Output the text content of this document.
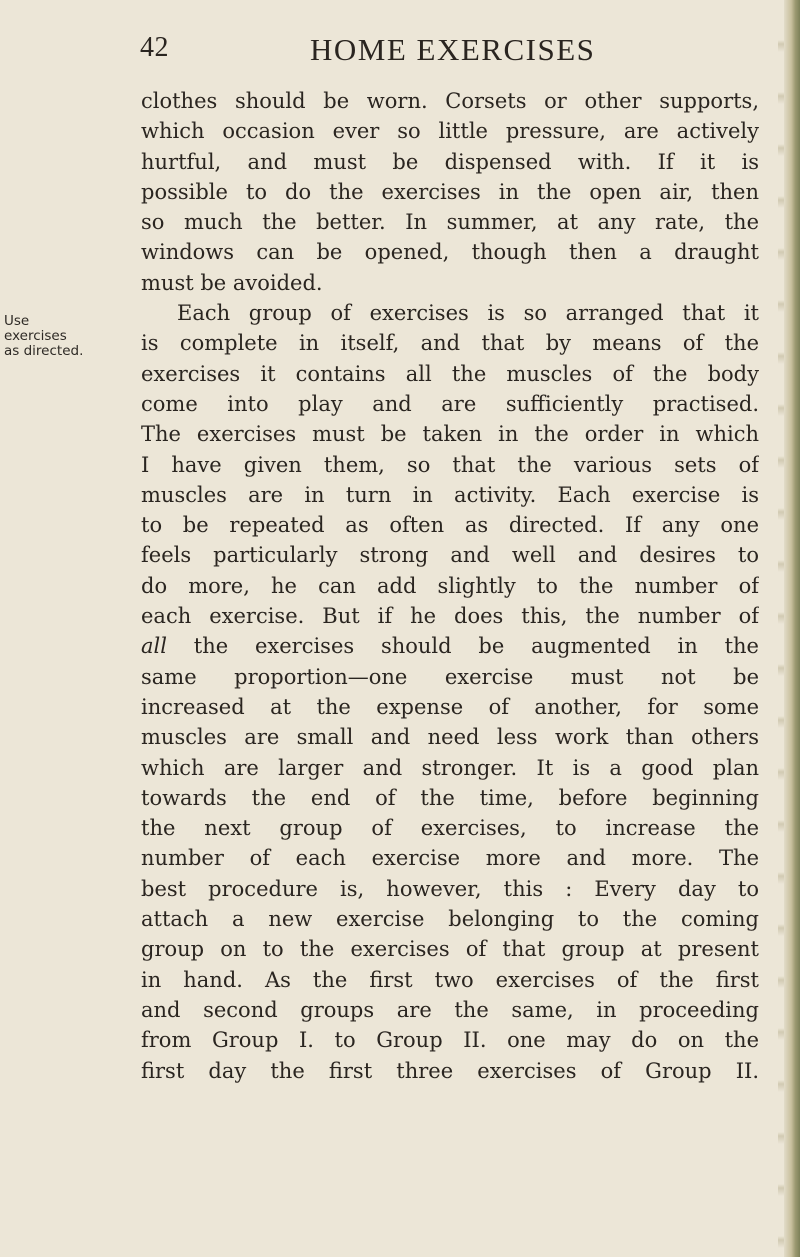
42	HOME EXERCISES
Use
exercises
as directed.
clothes should be worn. Corsets or other supports,
which occasion ever so little pressure, are actively
hurtful, and must be dispensed with. If it is
possible to do the exercises in the open air, then
so much the better. In summer, at any rate, the
windows can be opened, though then a draught
must be avoided.
Each group of exercises is so arranged that it
is complete in itself, and that by means of the
exercises it contains all the muscles of the body
come into play and are sufficiently practised.
The exercises must be taken in the order in which
I have given them, so that the various sets of
muscles are in turn in activity. Each exercise is
to be repeated as often as directed. If any one
feels particularly strong and well and desires to
do more, he can add slightly to the number of
each exercise. But if he does this, the number of
all the exercises should be augmented in the
same proportion—one exercise must not be
increased at the expense of another, for some
muscles are small and need less work than others
which are larger and stronger. It is a good plan
towards the end of the time, before beginning
the next group of exercises, to increase the
number of each exercise more and more. The
best procedure is, however, this : Every day to
attach a new exercise belonging to the coming
group on to the exercises of that group at present
in hand. As the first two exercises of the first
and second groups are the same, in proceeding
from Group I. to Group II. one may do on the
first day the first three exercises of Group II.
